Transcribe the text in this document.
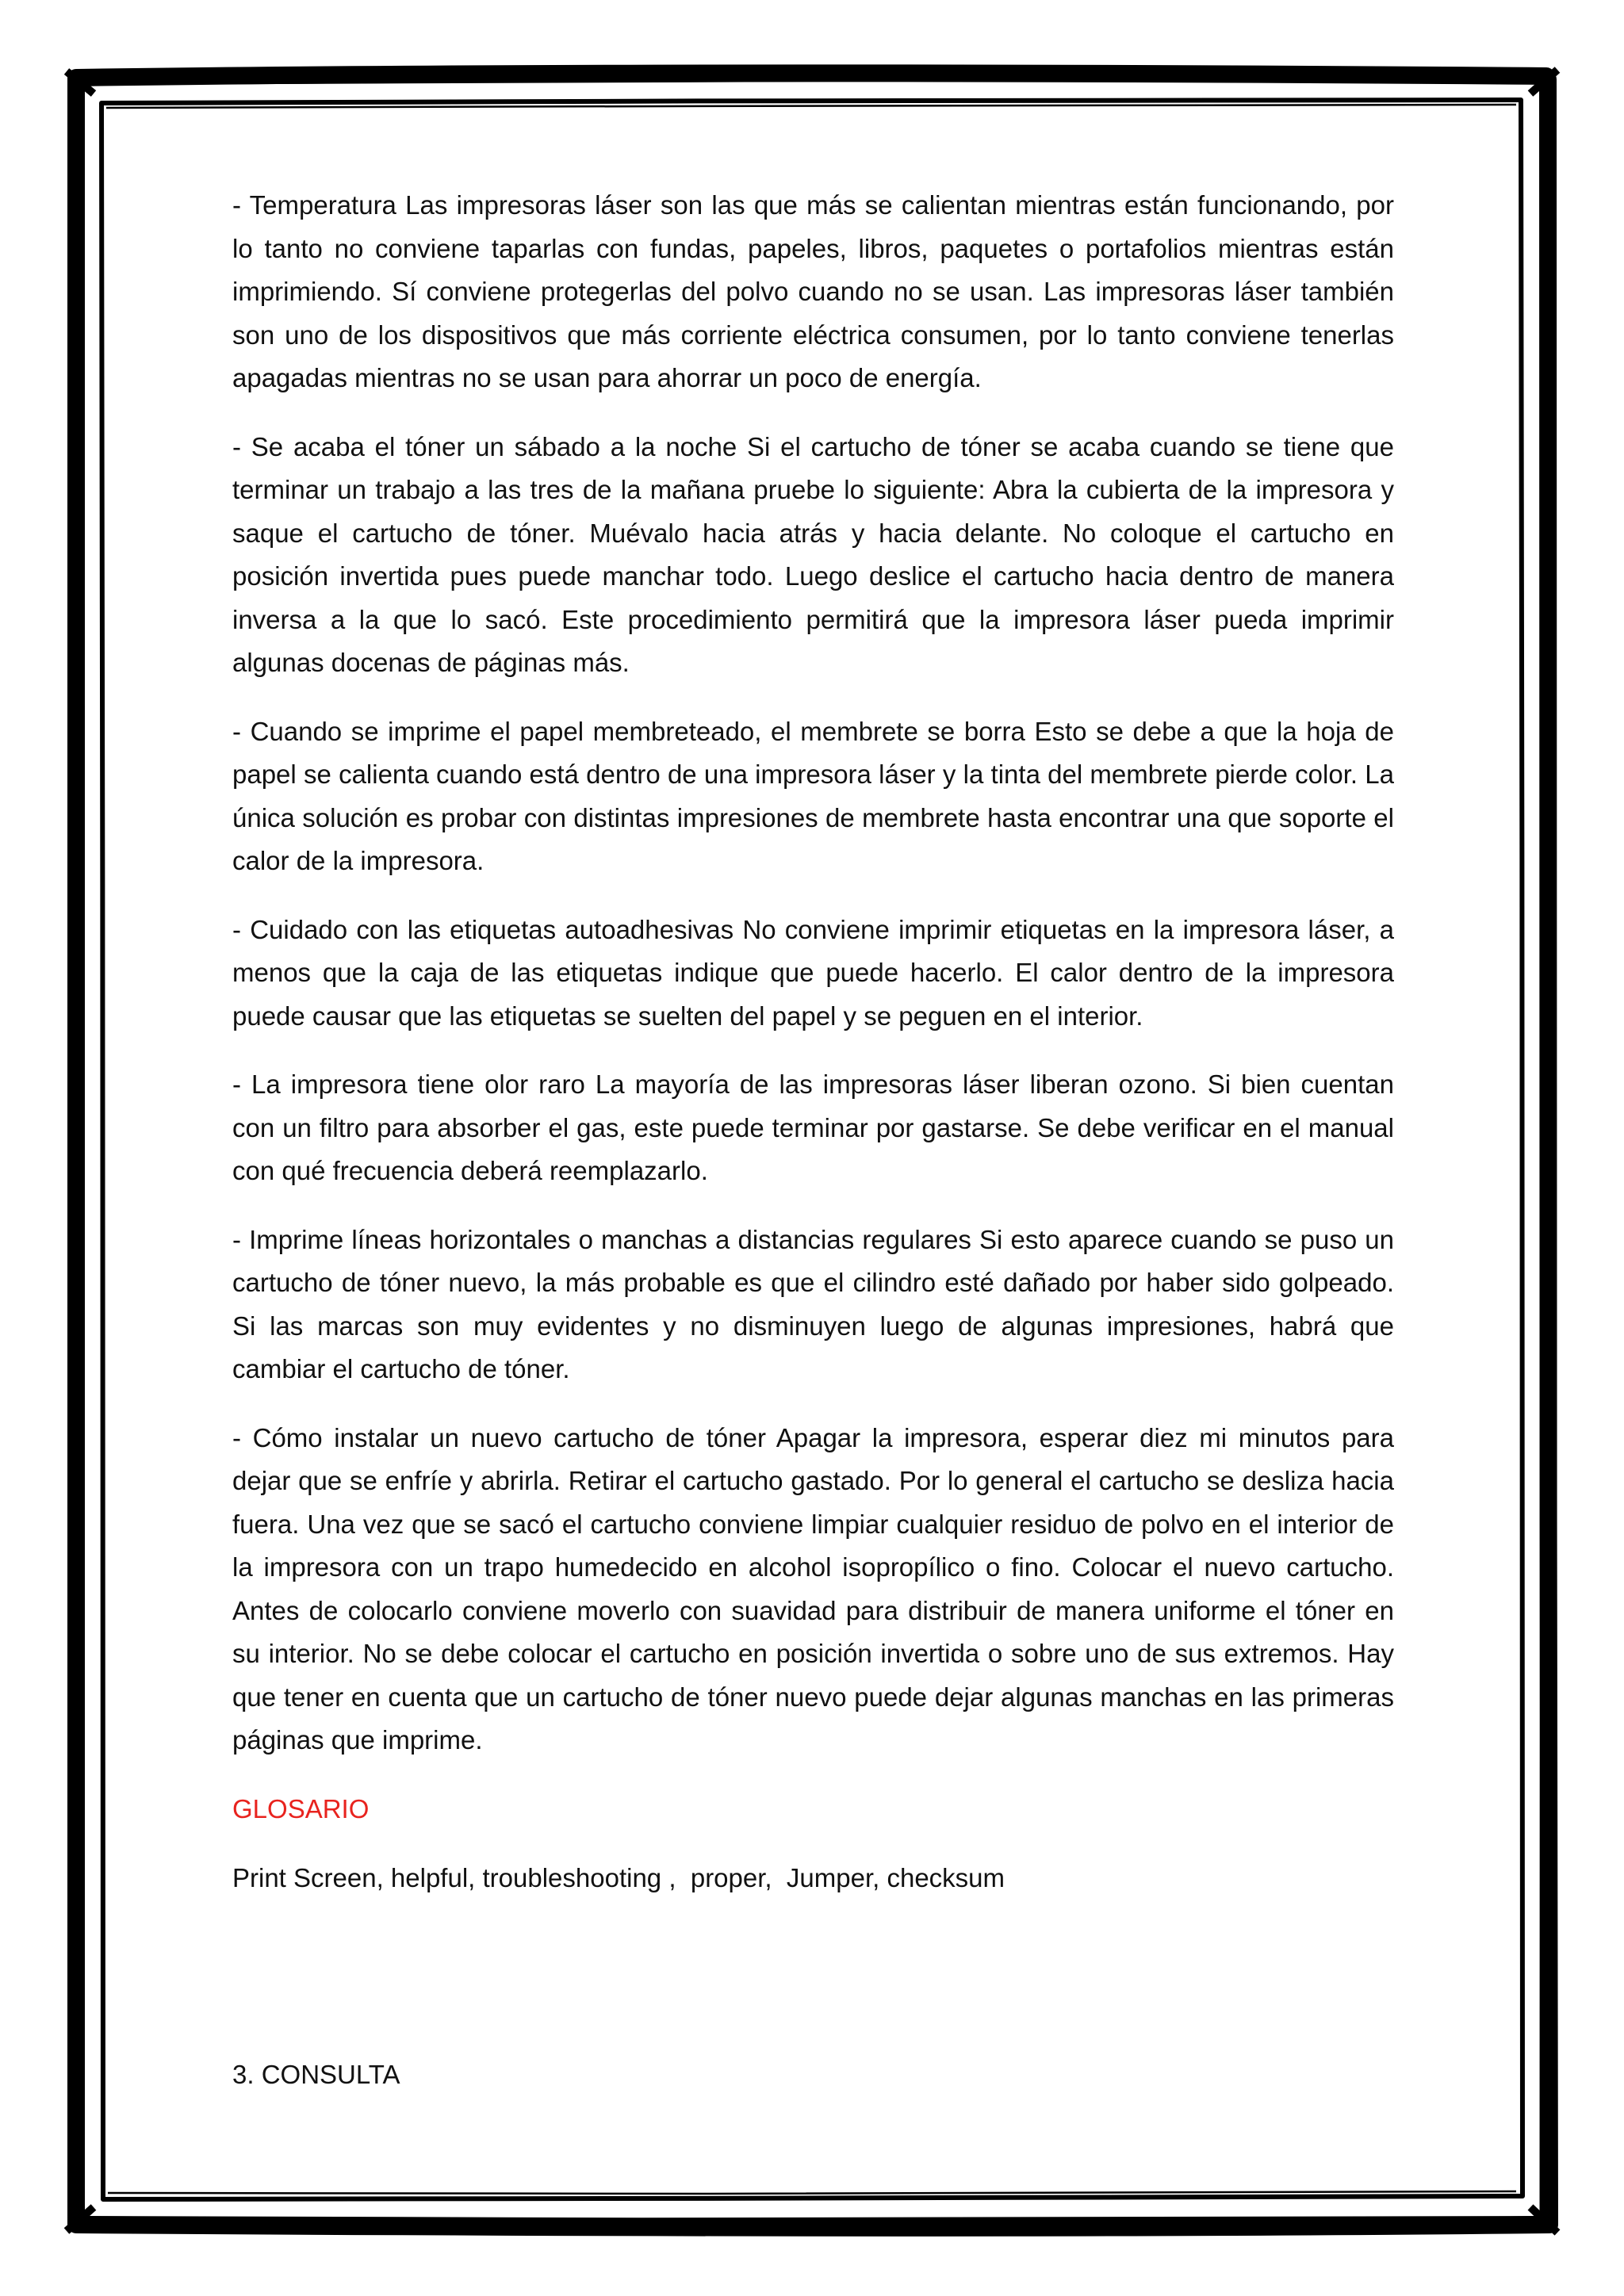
- Temperatura Las impresoras láser son las que más se calientan mientras están funcionando, por lo tanto no conviene taparlas con fundas, papeles, libros, paquetes o portafolios mientras están imprimiendo. Sí conviene protegerlas del polvo cuando no se usan. Las impresoras láser también son uno de los dispositivos que más corriente eléctrica consumen, por lo tanto conviene tenerlas apagadas mientras no se usan para ahorrar un poco de energía.

- Se acaba el tóner un sábado a la noche Si el cartucho de tóner se acaba cuando se tiene que terminar un trabajo a las tres de la mañana pruebe lo siguiente: Abra la cubierta de la impresora y saque el cartucho de tóner. Muévalo hacia atrás y hacia delante. No coloque el cartucho en posición invertida pues puede manchar todo. Luego deslice el cartucho hacia dentro de manera inversa a la que lo sacó. Este procedimiento permitirá que la impresora láser pueda imprimir algunas docenas de páginas más.

- Cuando se imprime el papel membreteado, el membrete se borra Esto se debe a que la hoja de papel se calienta cuando está dentro de una impresora láser y la tinta del membrete pierde color. La única solución es probar con distintas impresiones de membrete hasta encontrar una que soporte el calor de la impresora.

- Cuidado con las etiquetas autoadhesivas No conviene imprimir etiquetas en la impresora láser, a menos que la caja de las etiquetas indique que puede hacerlo. El calor dentro de la impresora puede causar que las etiquetas se suelten del papel y se peguen en el interior.

- La impresora tiene olor raro La mayoría de las impresoras láser liberan ozono. Si bien cuentan con un filtro para absorber el gas, este puede terminar por gastarse. Se debe verificar en el manual con qué frecuencia deberá reemplazarlo.

- Imprime líneas horizontales o manchas a distancias regulares Si esto aparece cuando se puso un cartucho de tóner nuevo, la más probable es que el cilindro esté dañado por haber sido golpeado. Si las marcas son muy evidentes y no disminuyen luego de algunas impresiones, habrá que cambiar el cartucho de tóner.

- Cómo instalar un nuevo cartucho de tóner Apagar la impresora, esperar diez mi minutos para dejar que se enfríe y abrirla. Retirar el cartucho gastado. Por lo general el cartucho se desliza hacia fuera. Una vez que se sacó el cartucho conviene limpiar cualquier residuo de polvo en el interior de la impresora con un trapo humedecido en alcohol isopropílico o fino. Colocar el nuevo cartucho. Antes de colocarlo conviene moverlo con suavidad para distribuir de manera uniforme el tóner en su interior. No se debe colocar el cartucho en posición invertida o sobre uno de sus extremos. Hay que tener en cuenta que un cartucho de tóner nuevo puede dejar algunas manchas en las primeras páginas que imprime.

GLOSARIO

Print Screen, helpful, troubleshooting ,  proper,  Jumper, checksum

3. CONSULTA
